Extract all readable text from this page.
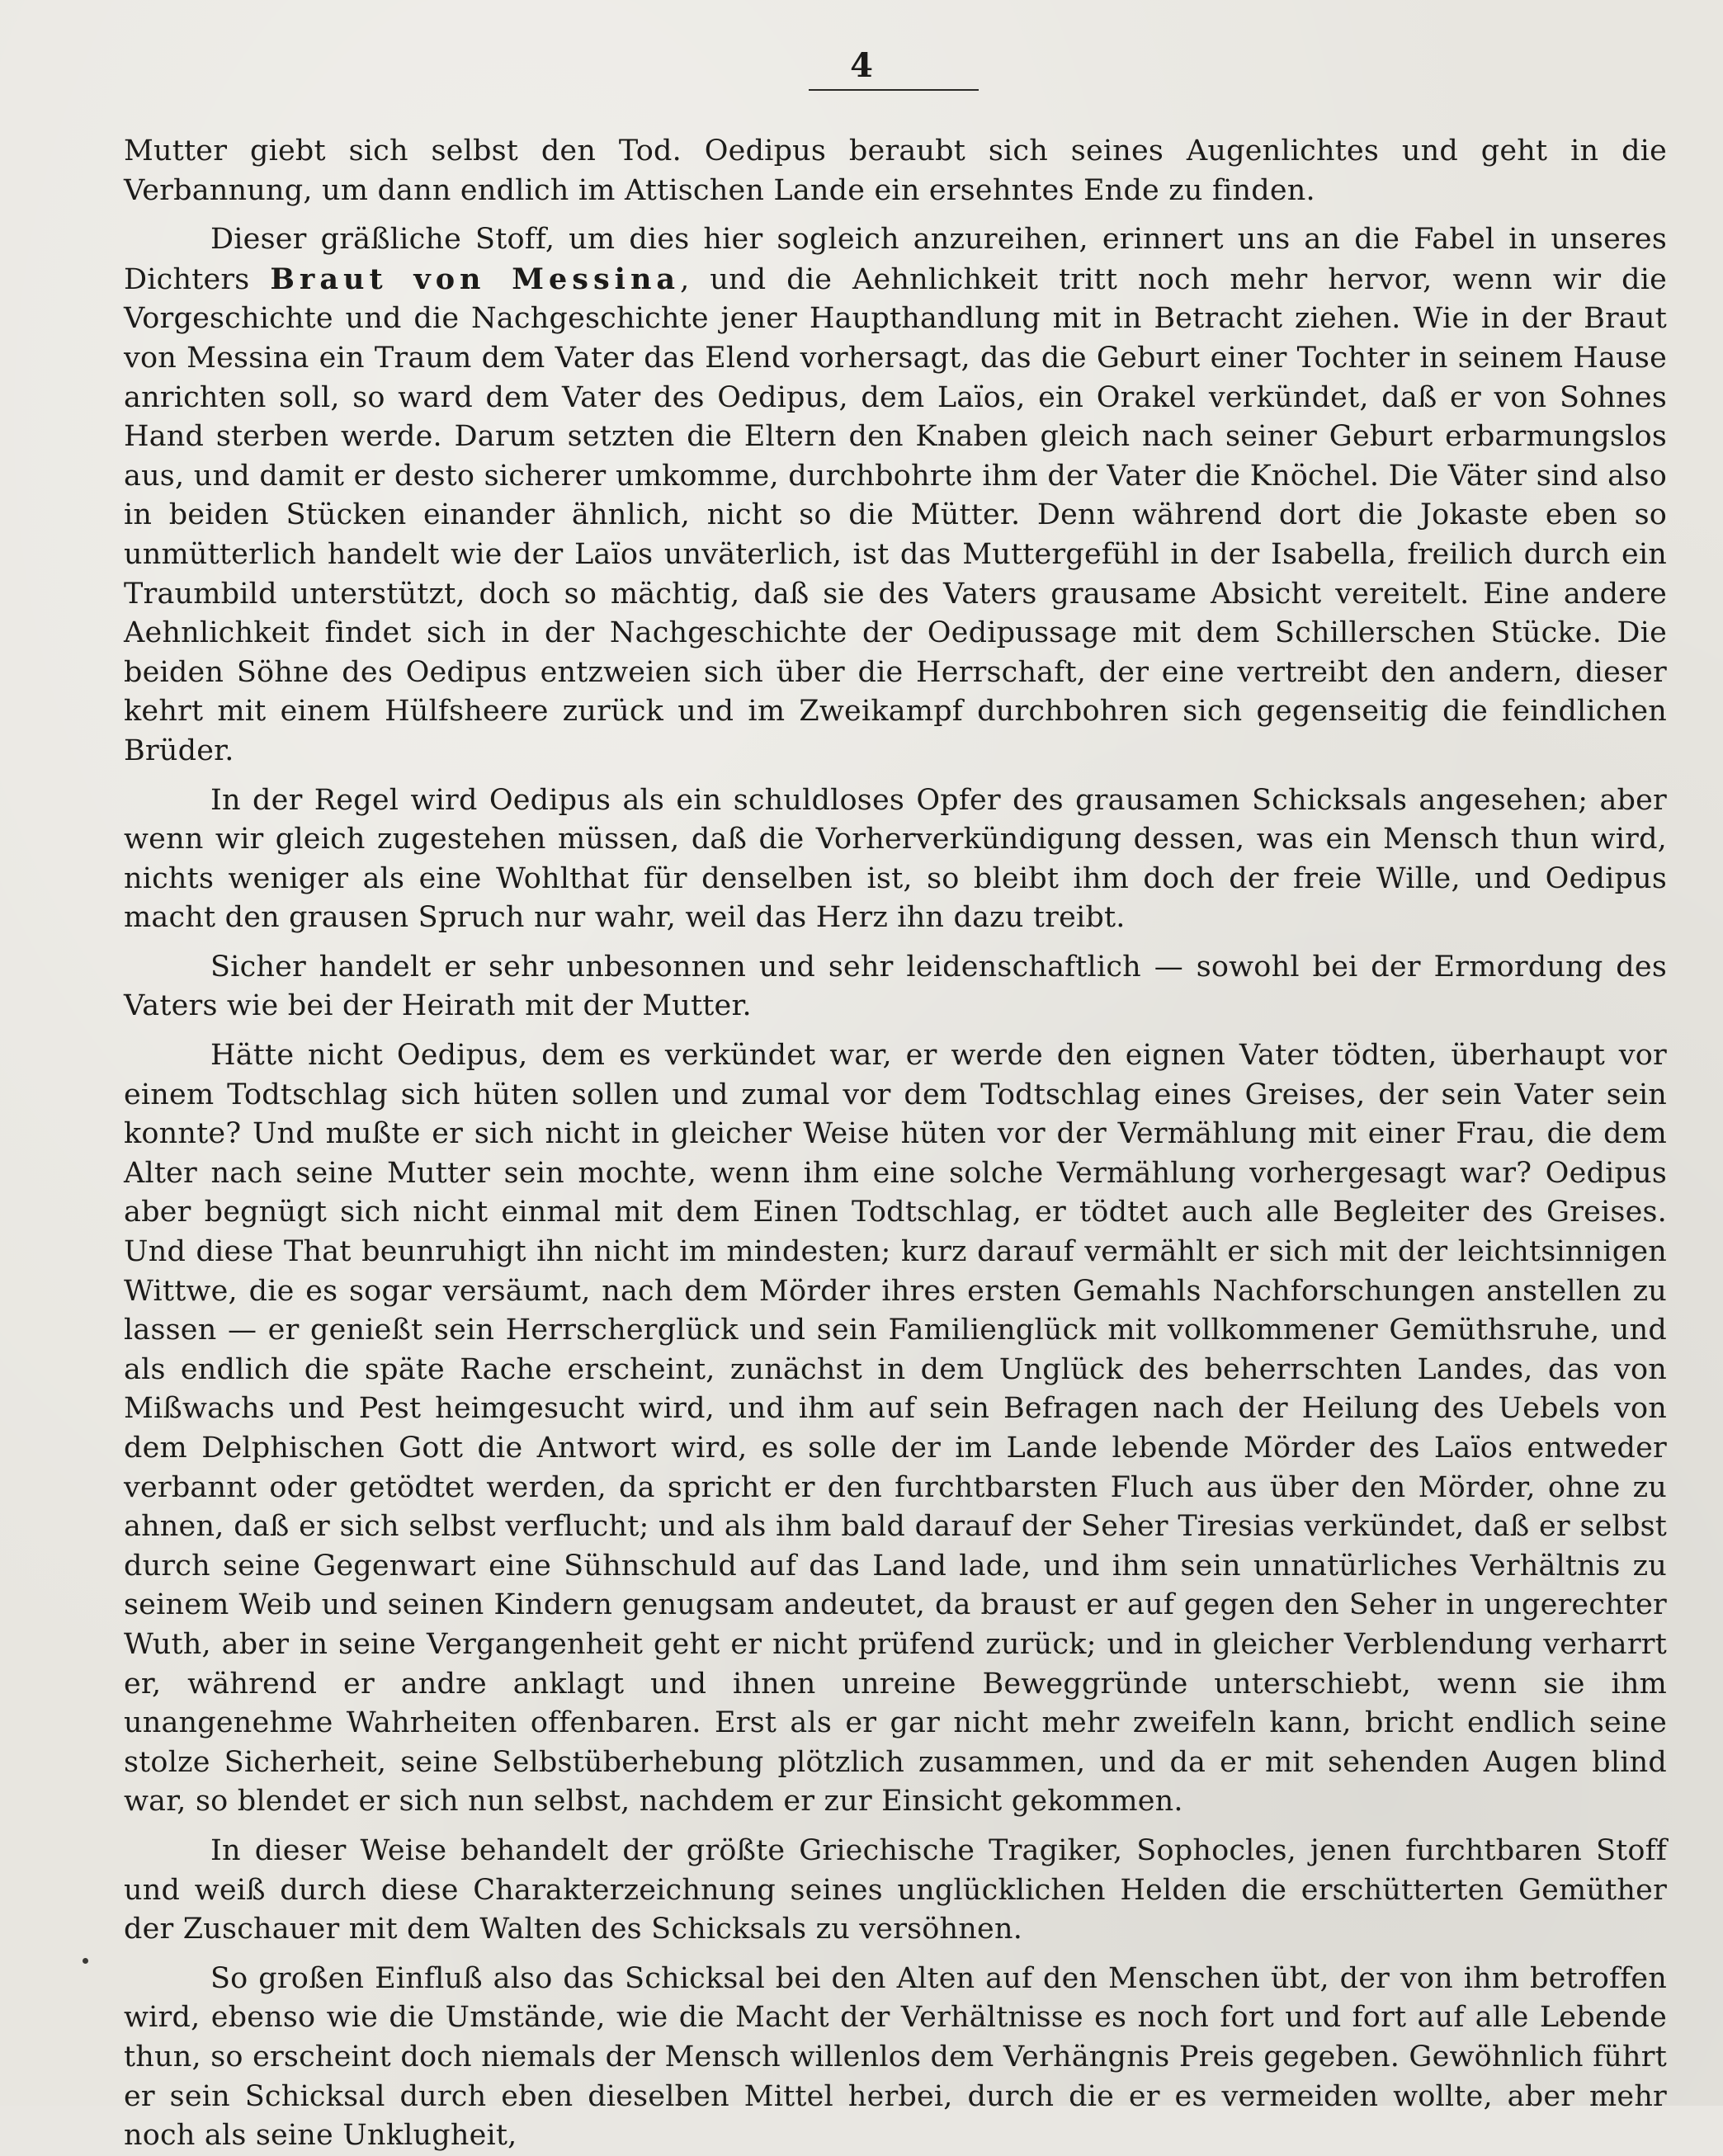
4

Mutter giebt sich selbst den Tod. Oedipus beraubt sich seines Augenlichtes und geht in die Verbannung, um dann endlich im Attischen Lande ein ersehntes Ende zu finden.

Dieser gräßliche Stoff, um dies hier sogleich anzureihen, erinnert uns an die Fabel in unseres Dichters Braut von Messina, und die Aehnlichkeit tritt noch mehr hervor, wenn wir die Vorgeschichte und die Nachgeschichte jener Haupthandlung mit in Betracht ziehen. Wie in der Braut von Messina ein Traum dem Vater das Elend vorhersagt, das die Geburt einer Tochter in seinem Hause anrichten soll, so ward dem Vater des Oedipus, dem Laïos, ein Orakel verkündet, daß er von Sohnes Hand sterben werde. Darum setzten die Eltern den Knaben gleich nach seiner Geburt erbarmungslos aus, und damit er desto sicherer umkomme, durchbohrte ihm der Vater die Knöchel. Die Väter sind also in beiden Stücken einander ähnlich, nicht so die Mütter. Denn während dort die Jokaste eben so unmütterlich handelt wie der Laïos unväterlich, ist das Muttergefühl in der Isabella, freilich durch ein Traumbild unterstützt, doch so mächtig, daß sie des Vaters grausame Absicht vereitelt. Eine andere Aehnlichkeit findet sich in der Nachgeschichte der Oedipussage mit dem Schillerschen Stücke. Die beiden Söhne des Oedipus entzweien sich über die Herrschaft, der eine vertreibt den andern, dieser kehrt mit einem Hülfsheere zurück und im Zweikampf durchbohren sich gegenseitig die feindlichen Brüder.

In der Regel wird Oedipus als ein schuldloses Opfer des grausamen Schicksals angesehen; aber wenn wir gleich zugestehen müssen, daß die Vorherverkündigung dessen, was ein Mensch thun wird, nichts weniger als eine Wohlthat für denselben ist, so bleibt ihm doch der freie Wille, und Oedipus macht den grausen Spruch nur wahr, weil das Herz ihn dazu treibt.

Sicher handelt er sehr unbesonnen und sehr leidenschaftlich — sowohl bei der Ermordung des Vaters wie bei der Heirath mit der Mutter.

Hätte nicht Oedipus, dem es verkündet war, er werde den eignen Vater tödten, überhaupt vor einem Todtschlag sich hüten sollen und zumal vor dem Todtschlag eines Greises, der sein Vater sein konnte? Und mußte er sich nicht in gleicher Weise hüten vor der Vermählung mit einer Frau, die dem Alter nach seine Mutter sein mochte, wenn ihm eine solche Vermählung vorhergesagt war? Oedipus aber begnügt sich nicht einmal mit dem Einen Todtschlag, er tödtet auch alle Begleiter des Greises. Und diese That beunruhigt ihn nicht im mindesten; kurz darauf vermählt er sich mit der leichtsinnigen Wittwe, die es sogar versäumt, nach dem Mörder ihres ersten Gemahls Nachforschungen anstellen zu lassen — er genießt sein Herrscherglück und sein Familienglück mit vollkommener Gemüthsruhe, und als endlich die späte Rache erscheint, zunächst in dem Unglück des beherrschten Landes, das von Mißwachs und Pest heimgesucht wird, und ihm auf sein Befragen nach der Heilung des Uebels von dem Delphischen Gott die Antwort wird, es solle der im Lande lebende Mörder des Laïos entweder verbannt oder getödtet werden, da spricht er den furchtbarsten Fluch aus über den Mörder, ohne zu ahnen, daß er sich selbst verflucht; und als ihm bald darauf der Seher Tiresias verkündet, daß er selbst durch seine Gegenwart eine Sühnschuld auf das Land lade, und ihm sein unnatürliches Verhältnis zu seinem Weib und seinen Kindern genugsam andeutet, da braust er auf gegen den Seher in ungerechter Wuth, aber in seine Vergangenheit geht er nicht prüfend zurück; und in gleicher Verblendung verharrt er, während er andre anklagt und ihnen unreine Beweggründe unterschiebt, wenn sie ihm unangenehme Wahrheiten offenbaren. Erst als er gar nicht mehr zweifeln kann, bricht endlich seine stolze Sicherheit, seine Selbstüberhebung plötzlich zusammen, und da er mit sehenden Augen blind war, so blendet er sich nun selbst, nachdem er zur Einsicht gekommen.

In dieser Weise behandelt der größte Griechische Tragiker, Sophocles, jenen furchtbaren Stoff und weiß durch diese Charakterzeichnung seines unglücklichen Helden die erschütterten Gemüther der Zuschauer mit dem Walten des Schicksals zu versöhnen.

So großen Einfluß also das Schicksal bei den Alten auf den Menschen übt, der von ihm betroffen wird, ebenso wie die Umstände, wie die Macht der Verhältnisse es noch fort und fort auf alle Lebende thun, so erscheint doch niemals der Mensch willenlos dem Verhängnis Preis gegeben. Gewöhnlich führt er sein Schicksal durch eben dieselben Mittel herbei, durch die er es vermeiden wollte, aber mehr noch als seine Unklugheit,
